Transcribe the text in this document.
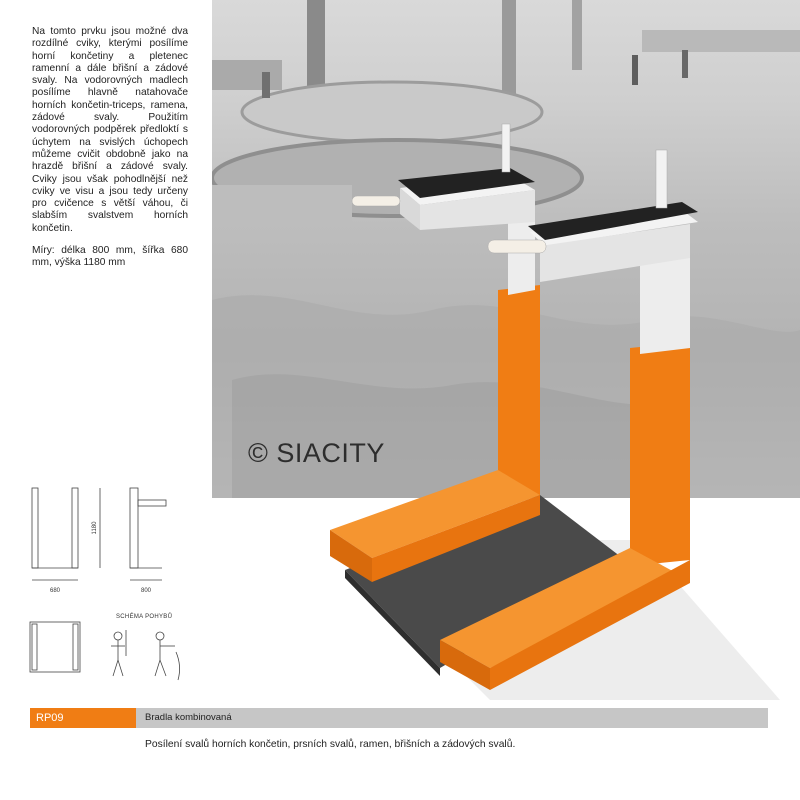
Na tomto prvku jsou možné dva rozdílné cviky, kterými posílíme horní končetiny a pletenec ramenní a dále břišní a zádové svaly. Na vodorovných madlech posílíme hlavně natahovače horních končetin-triceps, ramena, zádové svaly. Použitím vodorovných podpěrek předloktí s úchytem na svislých úchopech můžeme cvičit obdobně jako na hrazdě břišní a zádové svaly. Cviky jsou však pohodlnější než cviky ve visu a jsou tedy určeny pro cvičence s větší váhou, či slabším svalstvem horních končetin.

Míry: délka 800 mm, šířka 680 mm, výška 1180 mm

© SIACITY
680	800
1180
SCHÉMA POHYBŮ
RP09	Bradla kombinovaná
Posílení svalů horních končetin, prsních svalů, ramen, břišních a zádových svalů.
